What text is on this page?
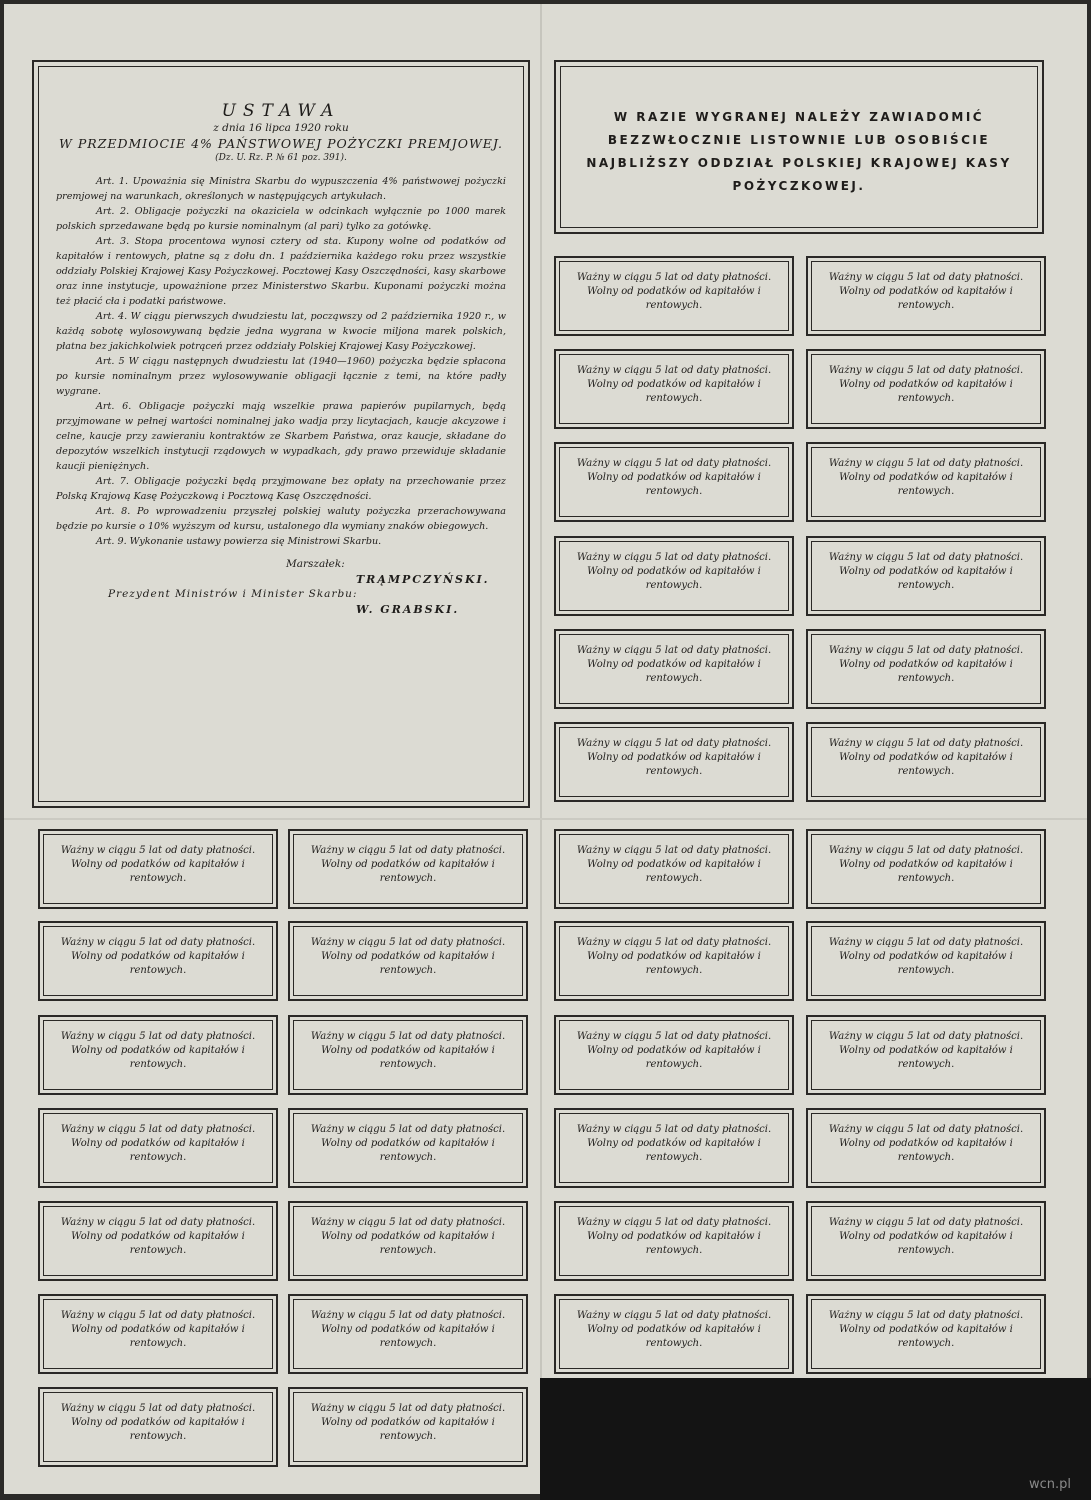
USTAWA
z dnia 16 lipca 1920 roku
W PRZEDMIOCIE 4% PAŃSTWOWEJ POŻYCZKI PREMJOWEJ.
(Dz. U. Rz. P. № 61 poz. 391).

Art. 1. Upoważnia się Ministra Skarbu do wypuszczenia 4% państwowej pożyczki premjowej na warunkach, określonych w następujących artykułach.

Art. 2. Obligacje pożyczki na okaziciela w odcinkach wyłącznie po 1000 marek polskich sprzedawane będą po kursie nominalnym (al pari) tylko za gotówkę.

Art. 3. Stopa procentowa wynosi cztery od sta. Kupony wolne od podatków od kapitałów i rentowych, płatne są z dołu dn. 1 października każdego roku przez wszystkie oddziały Polskiej Krajowej Kasy Pożyczkowej. Pocztowej Kasy Oszczędności, kasy skarbowe oraz inne instytucje, upoważnione przez Ministerstwo Skarbu. Kuponami pożyczki można też płacić cła i podatki państwowe.

Art. 4. W ciągu pierwszych dwudziestu lat, począwszy od 2 października 1920 r., w każdą sobotę wylosowywaną będzie jedna wygrana w kwocie miljona marek polskich, płatna bez jakichkolwiek potrąceń przez oddziały Polskiej Krajowej Kasy Pożyczkowej.

Art. 5 W ciągu następnych dwudziestu lat (1940—1960) pożyczka będzie spłacona po kursie nominalnym przez wylosowywanie obligacji łącznie z temi, na które padły wygrane.

Art. 6. Obligacje pożyczki mają wszelkie prawa papierów pupilarnych, będą przyjmowane w pełnej wartości nominalnej jako wadja przy licytacjach, kaucje akcyzowe i celne, kaucje przy zawieraniu kontraktów ze Skarbem Państwa, oraz kaucje, składane do depozytów wszelkich instytucji rządowych w wypadkach, gdy prawo przewiduje składanie kaucji pieniężnych.

Art. 7. Obligacje pożyczki będą przyjmowane bez opłaty na przechowanie przez Polską Krajową Kasę Pożyczkową i Pocztową Kasę Oszczędności.

Art. 8. Po wprowadzeniu przyszłej polskiej waluty pożyczka przerachowywana będzie po kursie o 10% wyższym od kursu, ustalonego dla wymiany znaków obiegowych.

Art. 9. Wykonanie ustawy powierza się Ministrowi Skarbu.

Marszałek:
TRĄMPCZYŃSKI.
Prezydent Ministrów i Minister Skarbu:
W. GRABSKI.
W RAZIE WYGRANEJ NALEŻY ZAWIADOMIĆ BEZZWŁOCZNIE LISTOWNIE LUB OSOBIŚCIE NAJBLIŻSZY ODDZIAŁ POLSKIEJ KRAJOWEJ KASY POŻYCZKOWEJ.

Ważny w ciągu 5 lat od daty płatności.
Wolny od podatków od kapitałów i rentowych.

Ważny w ciągu 5 lat od daty płatności.
Wolny od podatków od kapitałów i rentowych.

Ważny w ciągu 5 lat od daty płatności.
Wolny od podatków od kapitałów i rentowych.

Ważny w ciągu 5 lat od daty płatności.
Wolny od podatków od kapitałów i rentowych.

Ważny w ciągu 5 lat od daty płatności.
Wolny od podatków od kapitałów i rentowych.

Ważny w ciągu 5 lat od daty płatności.
Wolny od podatków od kapitałów i rentowych.

Ważny w ciągu 5 lat od daty płatności.
Wolny od podatków od kapitałów i rentowych.

Ważny w ciągu 5 lat od daty płatności.
Wolny od podatków od kapitałów i rentowych.

Ważny w ciągu 5 lat od daty płatności.
Wolny od podatków od kapitałów i rentowych.

Ważny w ciągu 5 lat od daty płatności.
Wolny od podatków od kapitałów i rentowych.

Ważny w ciągu 5 lat od daty płatności.
Wolny od podatków od kapitałów i rentowych.

Ważny w ciągu 5 lat od daty płatności.
Wolny od podatków od kapitałów i rentowych.

Ważny w ciągu 5 lat od daty płatności.
Wolny od podatków od kapitałów i rentowych.

Ważny w ciągu 5 lat od daty płatności.
Wolny od podatków od kapitałów i rentowych.

Ważny w ciągu 5 lat od daty płatności.
Wolny od podatków od kapitałów i rentowych.

Ważny w ciągu 5 lat od daty płatności.
Wolny od podatków od kapitałów i rentowych.

Ważny w ciągu 5 lat od daty płatności.
Wolny od podatków od kapitałów i rentowych.

Ważny w ciągu 5 lat od daty płatności.
Wolny od podatków od kapitałów i rentowych.

Ważny w ciągu 5 lat od daty płatności.
Wolny od podatków od kapitałów i rentowych.

Ważny w ciągu 5 lat od daty płatności.
Wolny od podatków od kapitałów i rentowych.

Ważny w ciągu 5 lat od daty płatności.
Wolny od podatków od kapitałów i rentowych.

Ważny w ciągu 5 lat od daty płatności.
Wolny od podatków od kapitałów i rentowych.

Ważny w ciągu 5 lat od daty płatności.
Wolny od podatków od kapitałów i rentowych.

Ważny w ciągu 5 lat od daty płatności.
Wolny od podatków od kapitałów i rentowych.

Ważny w ciągu 5 lat od daty płatności.
Wolny od podatków od kapitałów i rentowych.

Ważny w ciągu 5 lat od daty płatności.
Wolny od podatków od kapitałów i rentowych.

Ważny w ciągu 5 lat od daty płatności.
Wolny od podatków od kapitałów i rentowych.

Ważny w ciągu 5 lat od daty płatności.
Wolny od podatków od kapitałów i rentowych.

Ważny w ciągu 5 lat od daty płatności.
Wolny od podatków od kapitałów i rentowych.

Ważny w ciągu 5 lat od daty płatności.
Wolny od podatków od kapitałów i rentowych.

Ważny w ciągu 5 lat od daty płatności.
Wolny od podatków od kapitałów i rentowych.

Ważny w ciągu 5 lat od daty płatności.
Wolny od podatków od kapitałów i rentowych.

Ważny w ciągu 5 lat od daty płatności.
Wolny od podatków od kapitałów i rentowych.

Ważny w ciągu 5 lat od daty płatności.
Wolny od podatków od kapitałów i rentowych.

Ważny w ciągu 5 lat od daty płatności.
Wolny od podatków od kapitałów i rentowych.

Ważny w ciągu 5 lat od daty płatności.
Wolny od podatków od kapitałów i rentowych.

Ważny w ciągu 5 lat od daty płatności.
Wolny od podatków od kapitałów i rentowych.

Ważny w ciągu 5 lat od daty płatności.
Wolny od podatków od kapitałów i rentowych.

wcn.pl
